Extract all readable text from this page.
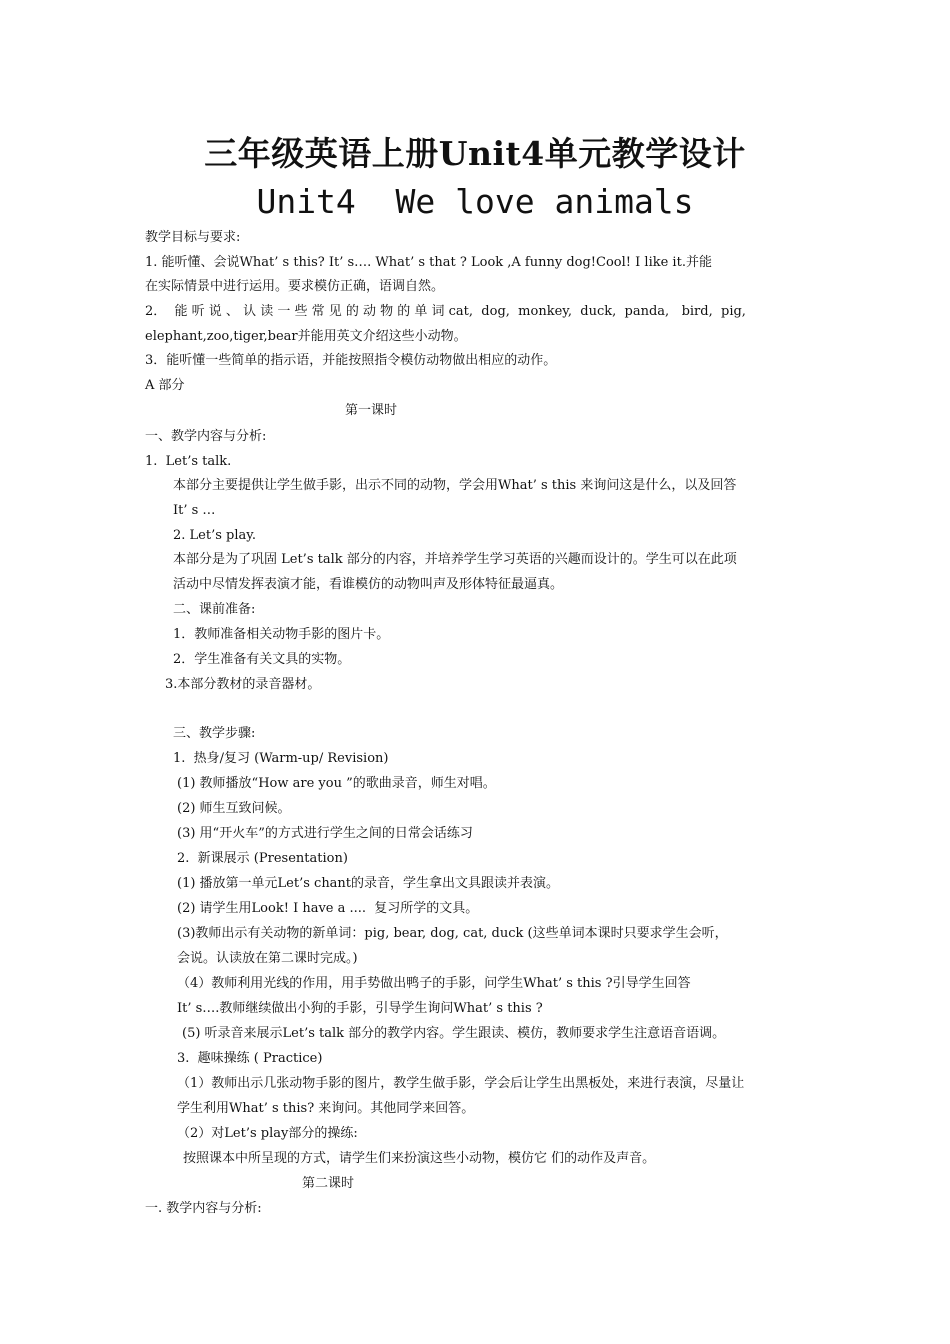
三年级英语上册Unit4单元教学设计
Unit4  We love animals
教学目标与要求:
1. 能听懂、会说What’ s this? It’ s…. What’ s that ? Look ,A funny dog!Cool! I like it.并能
在实际情景中进行运用。要求模仿正确，语调自然。
2．  能 听 说 、 认 读 一 些 常 见 的 动 物 的 单 词 cat,  dog,  monkey,  duck,  panda,   bird,  pig,
elephant,zoo,tiger,bear并能用英文介绍这些小动物。
3．能听懂一些简单的指示语，并能按照指令模仿动物做出相应的动作。
A 部分
第一课时
一、教学内容与分析:
1.  Let’s talk.
本部分主要提供让学生做手影，出示不同的动物，学会用What’ s this 来询问这是什么，以及回答
It’ s …
2. Let’s play.
本部分是为了巩固 Let’s talk 部分的内容，并培养学生学习英语的兴趣而设计的。学生可以在此项
活动中尽情发挥表演才能，看谁模仿的动物叫声及形体特征最逼真。
二、课前准备:
1．教师准备相关动物手影的图片卡。
2．学生准备有关文具的实物。
3.本部分教材的录音器材。
三、教学步骤:
1.  热身/复习 (Warm-up/ Revision)
(1) 教师播放“How are you ”的歌曲录音，师生对唱。
(2) 师生互致问候。
(3) 用“开火车”的方式进行学生之间的日常会话练习
2.  新课展示 (Presentation)
(1) 播放第一单元Let’s chant的录音，学生拿出文具跟读并表演。
(2) 请学生用Look! I have a ....  复习所学的文具。
(3)教师出示有关动物的新单词：pig, bear, dog, cat, duck (这些单词本课时只要求学生会听，
会说。认读放在第二课时完成。)
（4）教师利用光线的作用，用手势做出鸭子的手影，问学生What’ s this ?引导学生回答
It’ s….教师继续做出小狗的手影，引导学生询问What’ s this ?
(5) 听录音来展示Let’s talk 部分的教学内容。学生跟读、模仿，教师要求学生注意语音语调。
3.  趣味操练 ( Practice)
（1）教师出示几张动物手影的图片，教学生做手影，学会后让学生出黑板处，来进行表演，尽量让
学生利用What’ s this? 来询问。其他同学来回答。
（2）对Let’s play部分的操练:
按照课本中所呈现的方式，请学生们来扮演这些小动物，模仿它 们的动作及声音。
第二课时
一. 教学内容与分析:
